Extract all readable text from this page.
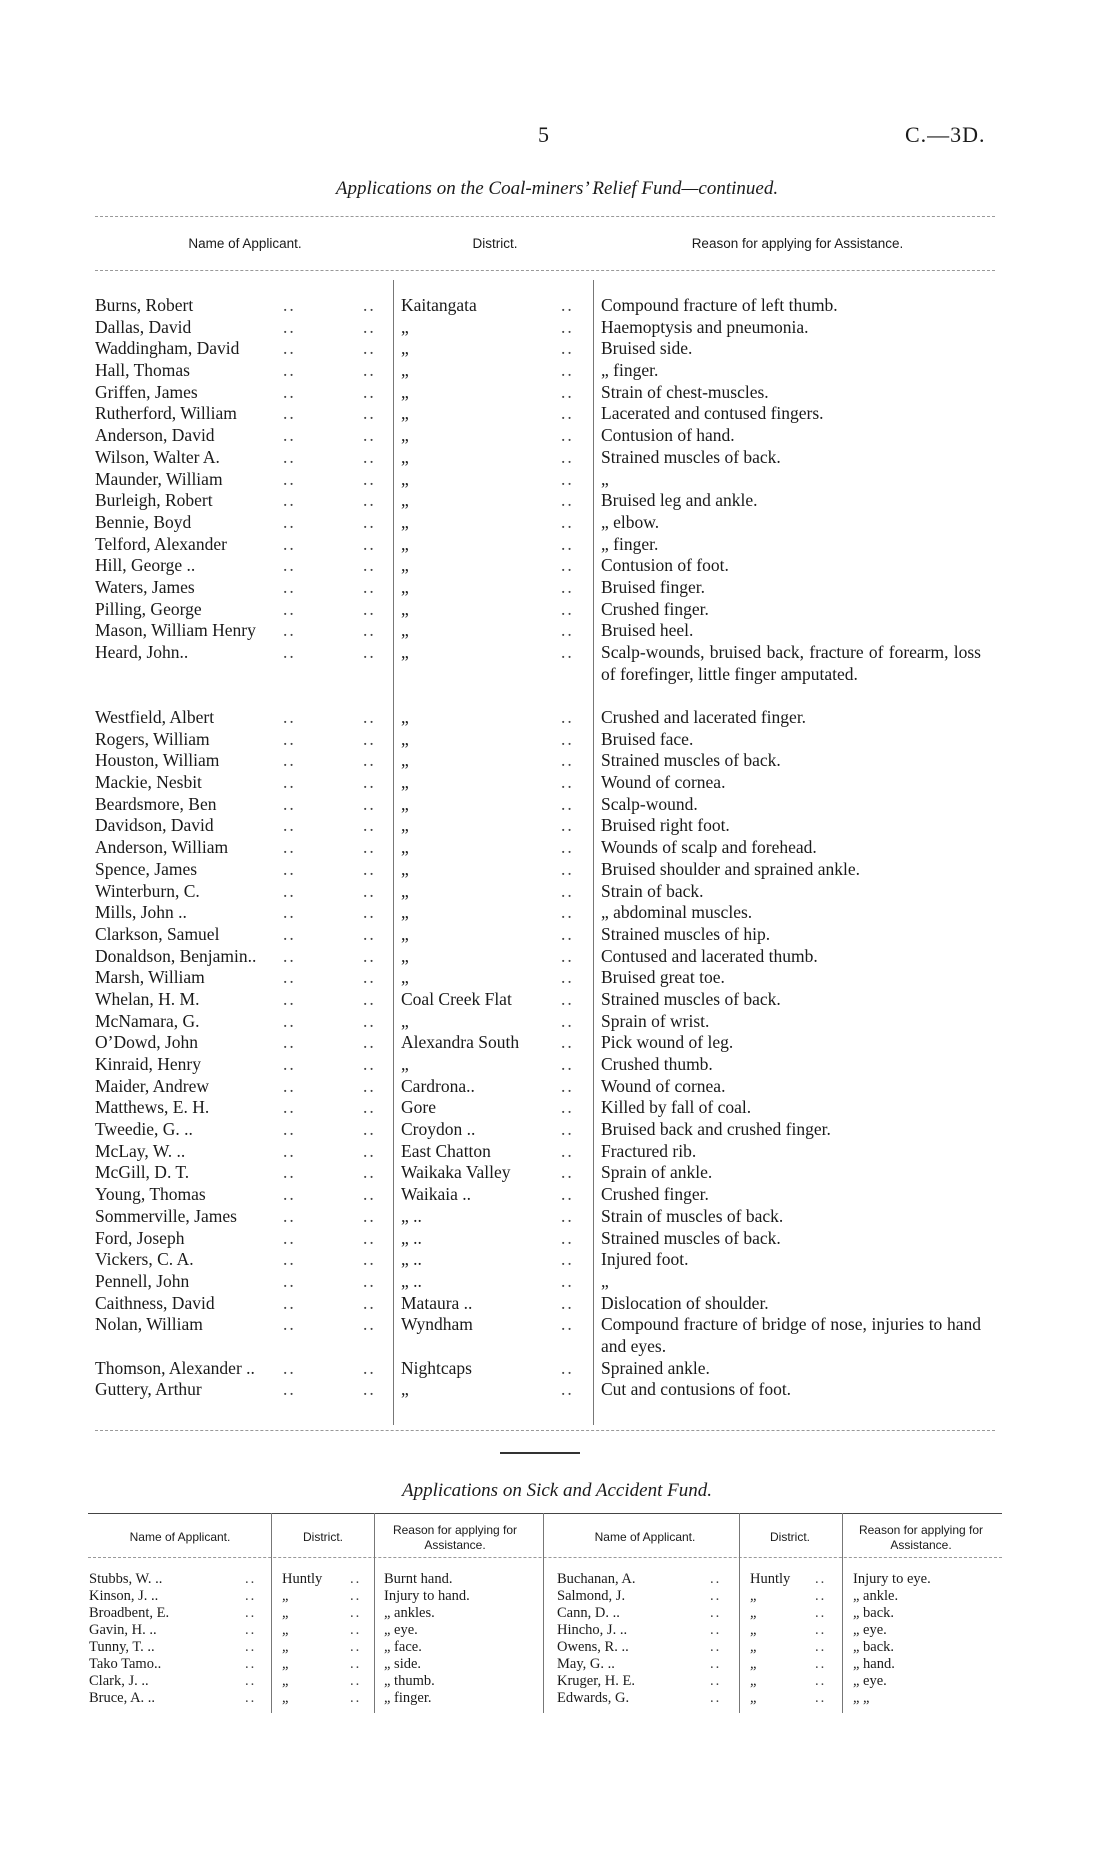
5	C.—3D.
Applications on the Coal-miners’ Relief Fund—continued.
Name of Applicant.	District.	Reason for applying for Assistance.
Burns, Robert	..	.. Kaitangata	.. Compound fracture of left thumb.
Dallas, David	..	.. „	.. Haemoptysis and pneumonia.
Waddingham, David ..	.. „	.. Bruised side.
Hall, Thomas	..	.. „	.. „ finger.
Griffen, James	..	.. „	.. Strain of chest-muscles.
Rutherford, William	..	.. „	.. Lacerated and contused fingers.
Anderson, David	..	.. „	.. Contusion of hand.
Wilson, Walter A.	..	.. „	.. Strained muscles of back.
Maunder, William	..	.. „	.. „
Burleigh, Robert	..	.. „	.. Bruised leg and ankle.
Bennie, Boyd	..	.. „	.. „ elbow.
Telford, Alexander	..	.. „	.. „ finger.
Hill, George ..	..	.. „	.. Contusion of foot.
Waters, James	..	.. „	.. Bruised finger.
Pilling, George	..	.. „	.. Crushed finger.
Mason, William Henry ..	.. „	.. Bruised heel.
Heard, John..	..	.. „	.. Scalp-wounds, bruised back, fracture of forearm, loss of forefinger, little finger amputated.
Westfield, Albert	..	.. „	.. Crushed and lacerated finger.
Rogers, William	..	.. „	.. Bruised face.
Houston, William	..	.. „	.. Strained muscles of back.
Mackie, Nesbit	..	.. „	.. Wound of cornea.
Beardsmore, Ben	..	.. „	.. Scalp-wound.
Davidson, David	..	.. „	.. Bruised right foot.
Anderson, William	..	.. „	.. Wounds of scalp and forehead.
Spence, James	..	.. „	.. Bruised shoulder and sprained ankle.
Winterburn, C.	..	.. „	.. Strain of back.
Mills, John ..	..	.. „	.. „ abdominal muscles.
Clarkson, Samuel	..	.. „	.. Strained muscles of hip.
Donaldson, Benjamin.. ..	.. „	.. Contused and lacerated thumb.
Marsh, William	..	.. „	.. Bruised great toe.
Whelan, H. M.	..	.. Coal Creek Flat	.. Strained muscles of back.
McNamara, G.	..	.. „	.. Sprain of wrist.
O’Dowd, John	..	.. Alexandra South .. Pick wound of leg.
Kinraid, Henry	..	.. „	.. Crushed thumb.
Maider, Andrew	..	.. Cardrona..	.. Wound of cornea.
Matthews, E. H.	..	.. Gore	.. Killed by fall of coal.
Tweedie, G. ..	..	.. Croydon ..	.. Bruised back and crushed finger.
McLay, W. ..	..	.. East Chatton	.. Fractured rib.
McGill, D. T.	..	.. Waikaka Valley	.. Sprain of ankle.
Young, Thomas	..	.. Waikaia ..	.. Crushed finger.
Sommerville, James	..	.. „ ..	.. Strain of muscles of back.
Ford, Joseph	..	.. „ ..	.. Strained muscles of back.
Vickers, C. A.	..	.. „ ..	.. Injured foot.
Pennell, John	..	.. „ ..	.. „
Caithness, David	..	.. Mataura ..	.. Dislocation of shoulder.
Nolan, William	..	.. Wyndham	.. Compound fracture of bridge of nose, injuries to hand and eyes.
Thomson, Alexander .. ..	.. Nightcaps	.. Sprained ankle.
Guttery, Arthur	..	.. „	.. Cut and contusions of foot.
Applications on Sick and Accident Fund.
Name of Applicant.	District.	Reason for applying for Assistance.
Name of Applicant.	District.	Reason for applying for Assistance.
Stubbs, W. ..	Huntly	Burnt hand.	Buchanan, A.	Huntly	Injury to eye.
..	..	..	..
Kinson, J. ..	„	Injury to hand.	Salmond, J.	„	„ ankle.
..	..	..	..
Broadbent, E.	„	„ ankles.	Cann, D. ..	„	„ back.
..	..	..	..
Gavin, H. ..	„	„ eye.	Hincho, J. ..	„	„ eye.
..	..	..	..
Tunny, T. ..	„	„ face.	Owens, R. ..	„	„ back.
..	..	..	..
Tako Tamo..	„	„ side.	May, G. ..	„	„ hand.
..	..	..	..
Clark, J. ..	„	„ thumb.	Kruger, H. E.	„	„ eye.
..	..	..	..
Bruce, A. ..	„	„ finger.	Edwards, G.	„	„ „
..	..	..	..
